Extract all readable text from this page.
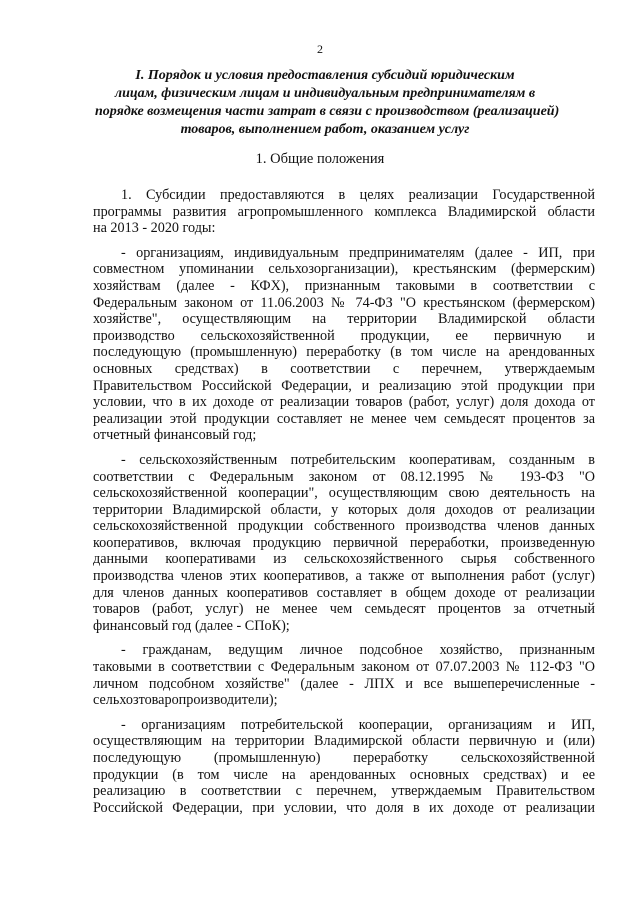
2
I. Порядок и условия предоставления субсидий юридическим
лицам, физическим лицам и индивидуальным предпринимателям в
порядке возмещения части затрат в связи с производством (реализацией)
товаров, выполнением работ, оказанием услуг
1. Общие положения
1. Субсидии предоставляются в целях реализации Государственной
программы развития агропромышленного комплекса Владимирской области
на 2013 - 2020 годы:
- организациям, индивидуальным предпринимателям (далее - ИП, при
совместном упоминании сельхозорганизации), крестьянским (фермерским)
хозяйствам (далее - КФХ), признанным таковыми в соответствии с
Федеральным законом от 11.06.2003 № 74-ФЗ "О крестьянском (фермерском)
хозяйстве", осуществляющим на территории Владимирской области
производство сельскохозяйственной продукции, ее первичную и
последующую (промышленную) переработку (в том числе на арендованных
основных средствах) в соответствии с перечнем, утверждаемым
Правительством Российской Федерации, и реализацию этой продукции при
условии, что в их доходе от реализации товаров (работ, услуг) доля дохода от
реализации этой продукции составляет не менее чем семьдесят процентов за
отчетный финансовый год;
- сельскохозяйственным потребительским кооперативам, созданным в
соответствии с Федеральным законом от 08.12.1995 № 193-ФЗ "О
сельскохозяйственной кооперации", осуществляющим свою деятельность на
территории Владимирской области, у которых доля доходов от реализации
сельскохозяйственной продукции собственного производства членов данных
кооперативов, включая продукцию первичной переработки, произведенную
данными кооперативами из сельскохозяйственного сырья собственного
производства членов этих кооперативов, а также от выполнения работ (услуг)
для членов данных кооперативов составляет в общем доходе от реализации
товаров (работ, услуг) не менее чем семьдесят процентов за отчетный
финансовый год (далее - СПоК);
- гражданам, ведущим личное подсобное хозяйство, признанным
таковыми в соответствии с Федеральным законом от 07.07.2003 № 112-ФЗ "О
личном подсобном хозяйстве" (далее - ЛПХ и все вышеперечисленные -
сельхозтоваропроизводители);
- организациям потребительской кооперации, организациям и ИП,
осуществляющим на территории Владимирской области первичную и (или)
последующую (промышленную) переработку сельскохозяйственной
продукции (в том числе на арендованных основных средствах) и ее
реализацию в соответствии с перечнем, утверждаемым Правительством
Российской Федерации, при условии, что доля в их доходе от реализации
